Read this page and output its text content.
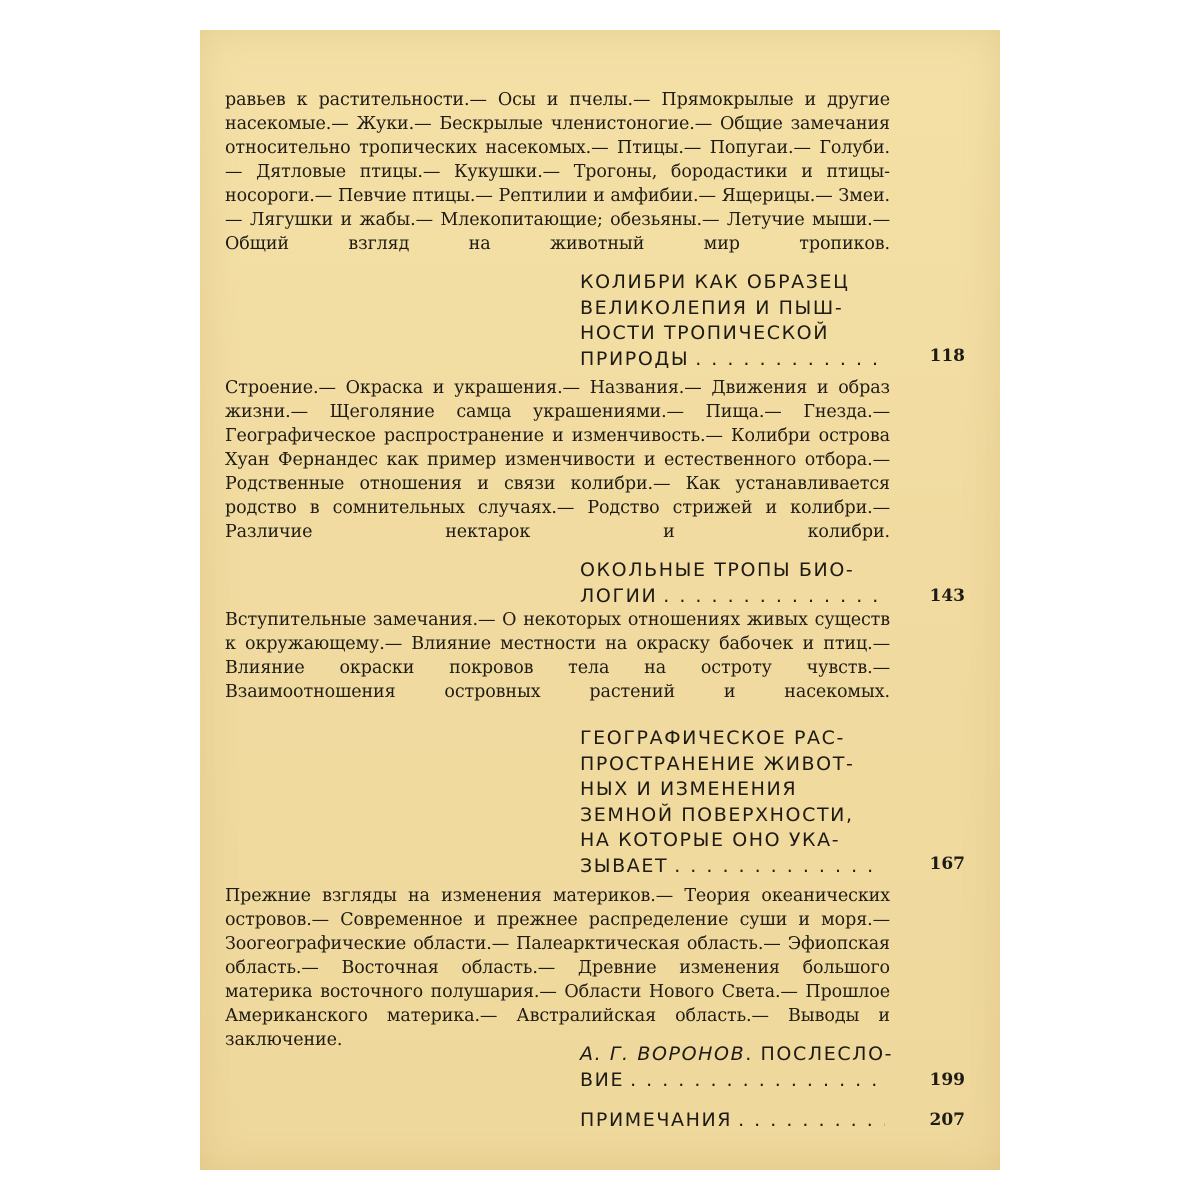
равьев к растительности.— Осы и пчелы.— Прямокрылые и другие насекомые.— Жуки.— Бескрылые членистоногие.— Общие замечания относительно тропических насекомых.— Птицы.— Попугаи.— Голуби.— Дятловые птицы.— Кукушки.— Трогоны, бородастики и птицы-носороги.— Певчие птицы.— Рептилии и амфибии.— Ящерицы.— Змеи.— Лягушки и жабы.— Млекопитающие; обезьяны.— Летучие мыши.— Общий взгляд на животный мир тропиков.
КОЛИБРИ КАК ОБРАЗЕЦ
ВЕЛИКОЛЕПИЯ И ПЫШ-
НОСТИ ТРОПИЧЕСКОЙ
ПРИРОДЫ . . .	118
Строение.— Окраска и украшения.— Названия.— Движения и образ жизни.— Щеголяние самца украшениями.— Пища.— Гнезда.— Географическое распространение и изменчивость.— Колибри острова Хуан Фернандес как пример изменчивости и естественного отбора.— Родственные отношения и связи колибри.— Как устанавливается родство в сомнительных случаях.— Родство стрижей и колибри.— Различие нектарок и колибри.
ОКОЛЬНЫЕ ТРОПЫ БИО-
ЛОГИИ . . .	143
Вступительные замечания.— О некоторых отношениях живых существ к окружающему.— Влияние местности на окраску бабочек и птиц.— Влияние окраски покровов тела на остроту чувств.— Взаимоотношения островных растений и насекомых.
ГЕОГРАФИЧЕСКОЕ РАС-
ПРОСТРАНЕНИЕ ЖИВОТ-
НЫХ И ИЗМЕНЕНИЯ
ЗЕМНОЙ ПОВЕРХНОСТИ,
НА КОТОРЫЕ ОНО УКА-
ЗЫВАЕТ . . .	167
Прежние взгляды на изменения материков.— Теория океанических островов.— Современное и прежнее распределение суши и моря.— Зоогеографические области.— Палеарктическая область.— Эфиопская область.— Восточная область.— Древние изменения большого материка восточного полушария.— Области Нового Света.— Прошлое Американского материка.— Австралийская область.— Выводы и заключение.
А. Г. ВОРОНОВ. ПОСЛЕСЛО-
ВИЕ . . .	199
ПРИМЕЧАНИЯ . . .	207
